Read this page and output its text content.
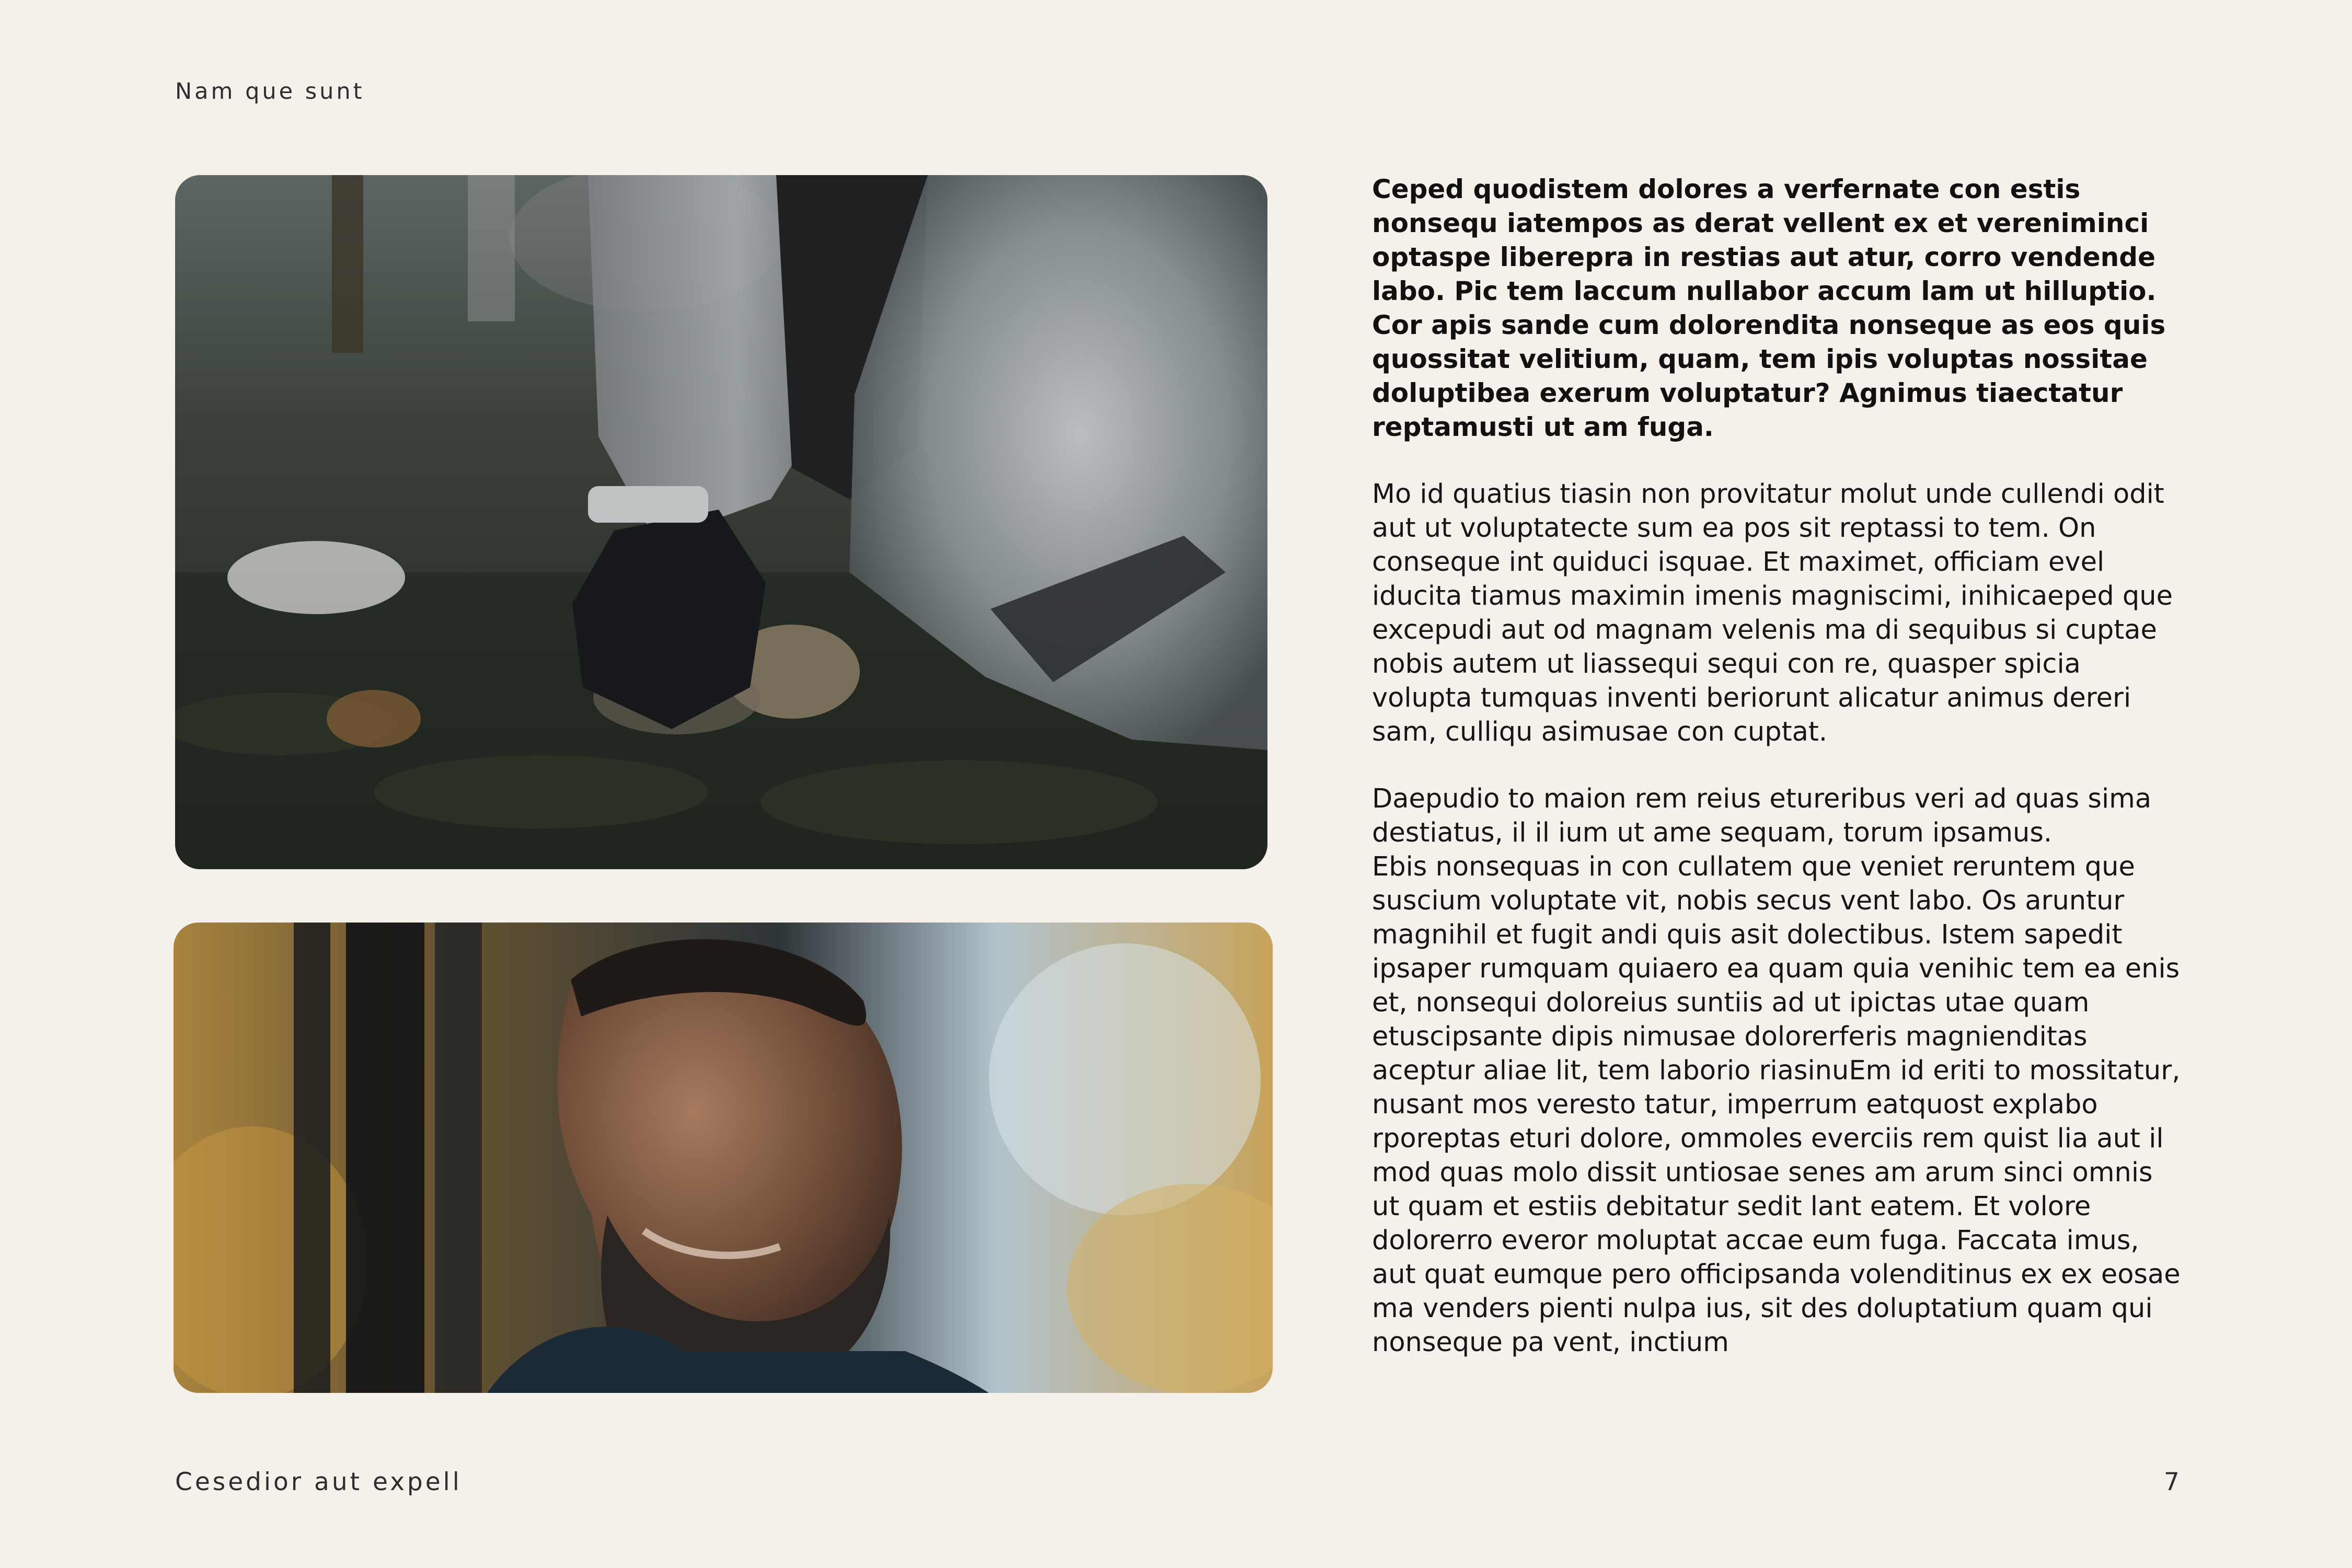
Nam que sunt

Ceped quodistem dolores a verfernate con estis nonsequ iatempos as derat vellent ex et vereniminci optaspe liberepra in restias aut atur, corro vendende labo. Pic tem laccum nullabor accum lam ut hilluptio. Cor apis sande cum dolorendita nonseque as eos quis quossitat velitium, quam, tem ipis voluptas nossitae doluptibea exerum voluptatur? Agnimus tiaectatur reptamusti ut am fuga.

Mo id quatius tiasin non provitatur molut unde cullendi odit aut ut voluptatecte sum ea pos sit reptassi to tem. On conseque int quiduci isquae. Et maximet, officiam evel iducita tiamus maximin imenis magniscimi, inihicaeped que excepudi aut od magnam velenis ma di sequibus si cuptae nobis autem ut liassequi sequi con re, quasper spicia volupta tumquas inventi beriorunt alicatur animus dereri sam, culliqu asimusae con cuptat.

Daepudio to maion rem reius etureribus veri ad quas sima destiatus, il il ium ut ame sequam, torum ipsamus.

Ebis nonsequas in con cullatem que veniet reruntem que suscium voluptate vit, nobis secus vent labo. Os aruntur magnihil et fugit andi quis asit dolectibus. Istem sapedit ipsaper rumquam quiaero ea quam quia venihic tem ea enis et, nonsequi doloreius suntiis ad ut ipictas utae quam etuscipsante dipis nimusae dolorerferis magnienditas aceptur aliae lit, tem laborio riasinuEm id eriti to mossitatur, nusant mos veresto tatur, imperrum eatquost explabo rporeptas eturi dolore, ommoles everciis rem quist lia aut il mod quas molo dissit untiosae senes am arum sinci omnis ut quam et estiis debitatur sedit lant eatem. Et volore dolorerro everor moluptat accae eum fuga. Faccata imus, aut quat eumque pero officipsanda volenditinus ex ex eosae ma venders pienti nulpa ius, sit des doluptatium quam qui nonseque pa vent, inctium

Cesedior aut expell	7
